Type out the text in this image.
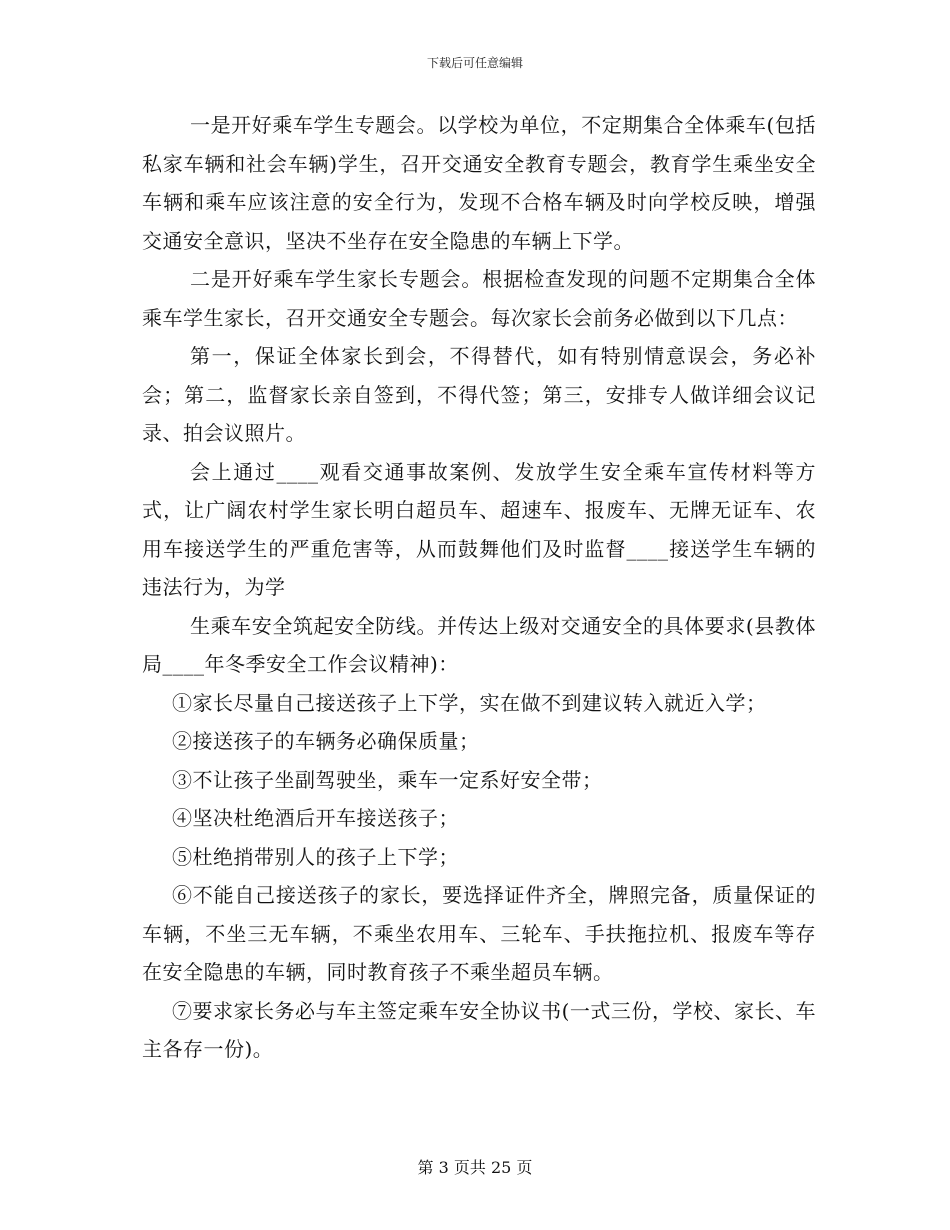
下载后可任意编辑

一是开好乘车学生专题会。以学校为单位，不定期集合全体乘车(包括私家车辆和社会车辆)学生，召开交通安全教育专题会，教育学生乘坐安全车辆和乘车应该注意的安全行为，发现不合格车辆及时向学校反映，增强交通安全意识，坚决不坐存在安全隐患的车辆上下学。

二是开好乘车学生家长专题会。根据检查发现的问题不定期集合全体乘车学生家长，召开交通安全专题会。每次家长会前务必做到以下几点：

第一，保证全体家长到会，不得替代，如有特别情意误会，务必补会；第二，监督家长亲自签到，不得代签；第三，安排专人做详细会议记录、拍会议照片。

会上通过____观看交通事故案例、发放学生安全乘车宣传材料等方式，让广阔农村学生家长明白超员车、超速车、报废车、无牌无证车、农用车接送学生的严重危害等，从而鼓舞他们及时监督____接送学生车辆的违法行为，为学

生乘车安全筑起安全防线。并传达上级对交通安全的具体要求(县教体局____年冬季安全工作会议精神)：

①家长尽量自己接送孩子上下学，实在做不到建议转入就近入学；

②接送孩子的车辆务必确保质量；

③不让孩子坐副驾驶坐，乘车一定系好安全带；

④坚决杜绝酒后开车接送孩子；

⑤杜绝捎带别人的孩子上下学；

⑥不能自己接送孩子的家长，要选择证件齐全，牌照完备，质量保证的车辆，不坐三无车辆，不乘坐农用车、三轮车、手扶拖拉机、报废车等存在安全隐患的车辆，同时教育孩子不乘坐超员车辆。

⑦要求家长务必与车主签定乘车安全协议书(一式三份，学校、家长、车主各存一份)。

第 3 页共 25 页
